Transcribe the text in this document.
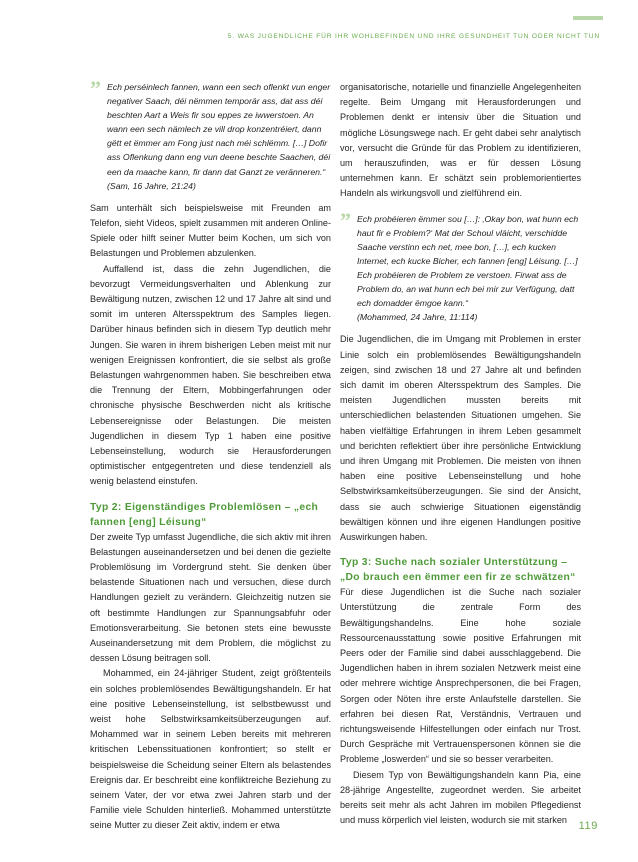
5. WAS JUGENDLICHE FÜR IHR WOHLBEFINDEN UND IHRE GESUNDHEIT TUN ODER NICHT TUN
” Ech perséinlech fannen, wann een sech oflenkt vun enger negativer Saach, déi nëmmen temporär ass, dat ass déi beschten Aart a Weis fir sou eppes ze iwwerstoen. An wann een sech nämlech ze vill drop konzentréiert, dann gëtt et ëmmer am Fong just nach méi schlëmm. […] Dofir ass Oflenkung dann eng vun deene beschte Saachen, déi een da maache kann, fir dann dat Ganzt ze veränneren.“

(Sam, 16 Jahre, 21:24)

Sam unterhält sich beispielsweise mit Freunden am Telefon, sieht Videos, spielt zusammen mit anderen Online-Spiele oder hilft seiner Mutter beim Kochen, um sich von Belastungen und Problemen abzulenken.

Auffallend ist, dass die zehn Jugendlichen, die bevorzugt Vermeidungsverhalten und Ablenkung zur Bewältigung nutzen, zwischen 12 und 17 Jahre alt sind und somit im unteren Altersspektrum des Samples liegen. Darüber hinaus befinden sich in diesem Typ deutlich mehr Jungen. Sie waren in ihrem bisherigen Leben meist mit nur wenigen Ereignissen konfrontiert, die sie selbst als große Belastungen wahrgenommen haben. Sie beschreiben etwa die Trennung der Eltern, Mobbingerfahrungen oder chronische physische Beschwerden nicht als kritische Lebensereignisse oder Belastungen. Die meisten Jugendlichen in diesem Typ 1 haben eine positive Lebenseinstellung, wodurch sie Herausforderungen optimistischer entgegentreten und diese tendenziell als wenig belastend einstufen.

Typ 2: Eigenständiges Problemlösen – „ech fannen [eng] Léisung“

Der zweite Typ umfasst Jugendliche, die sich aktiv mit ihren Belastungen auseinandersetzen und bei denen die gezielte Problemlösung im Vordergrund steht. Sie denken über belastende Situationen nach und versuchen, diese durch Handlungen gezielt zu verändern. Gleichzeitig nutzen sie oft bestimmte Handlungen zur Spannungsabfuhr oder Emotionsverarbeitung. Sie betonen stets eine bewusste Auseinandersetzung mit dem Problem, die möglichst zu dessen Lösung beitragen soll.

Mohammed, ein 24-jähriger Student, zeigt größtenteils ein solches problemlösendes Bewältigungshandeln. Er hat eine positive Lebenseinstellung, ist selbstbewusst und weist hohe Selbstwirksamkeitsüberzeugungen auf. Mohammed war in seinem Leben bereits mit mehreren kritischen Lebenssituationen konfrontiert; so stellt er beispielsweise die Scheidung seiner Eltern als belastendes Ereignis dar. Er beschreibt eine konfliktreiche Beziehung zu seinem Vater, der vor etwa zwei Jahren starb und der Familie viele Schulden hinterließ. Mohammed unterstützte seine Mutter zu dieser Zeit aktiv, indem er etwa

organisatorische, notarielle und finanzielle Angelegenheiten regelte. Beim Umgang mit Herausforderungen und Problemen denkt er intensiv über die Situation und mögliche Lösungswege nach. Er geht dabei sehr analytisch vor, versucht die Gründe für das Problem zu identifizieren, um herauszufinden, was er für dessen Lösung unternehmen kann. Er schätzt sein problemorientiertes Handeln als wirkungsvoll und zielführend ein.

” Ech probéieren ëmmer sou […]: ‚Okay bon, wat hunn ech haut fir e Problem?‘ Mat der Schoul vläicht, verschidde Saache verstinn ech net, mee bon, […], ech kucken Internet, ech kucke Bicher, ech fannen [eng] Léisung. […] Ech probéieren de Problem ze verstoen. Firwat ass de Problem do, an wat hunn ech bei mir zur Verfügung, datt ech domadder ëmgoe kann.“

(Mohammed, 24 Jahre, 11:114)

Die Jugendlichen, die im Umgang mit Problemen in erster Linie solch ein problemlösendes Bewältigungshandeln zeigen, sind zwischen 18 und 27 Jahre alt und befinden sich damit im oberen Altersspektrum des Samples. Die meisten Jugendlichen mussten bereits mit unterschiedlichen belastenden Situationen umgehen. Sie haben vielfältige Erfahrungen in ihrem Leben gesammelt und berichten reflektiert über ihre persönliche Entwicklung und ihren Umgang mit Problemen. Die meisten von ihnen haben eine positive Lebenseinstellung und hohe Selbstwirksamkeitsüberzeugungen. Sie sind der Ansicht, dass sie auch schwierige Situationen eigenständig bewältigen können und ihre eigenen Handlungen positive Auswirkungen haben.

Typ 3: Suche nach sozialer Unterstützung – „Do brauch een ëmmer een fir ze schwätzen“

Für diese Jugendlichen ist die Suche nach sozialer Unterstützung die zentrale Form des Bewältigungshandelns. Eine hohe soziale Ressourcenausstattung sowie positive Erfahrungen mit Peers oder der Familie sind dabei ausschlaggebend. Die Jugendlichen haben in ihrem sozialen Netzwerk meist eine oder mehrere wichtige Ansprechpersonen, die bei Fragen, Sorgen oder Nöten ihre erste Anlaufstelle darstellen. Sie erfahren bei diesen Rat, Verständnis, Vertrauen und richtungsweisende Hilfestellungen oder einfach nur Trost. Durch Gespräche mit Vertrauenspersonen können sie die Probleme „loswerden“ und sie so besser verarbeiten.

Diesem Typ von Bewältigungshandeln kann Pia, eine 28-jährige Angestellte, zugeordnet werden. Sie arbeitet bereits seit mehr als acht Jahren im mobilen Pflegedienst und muss körperlich viel leisten, wodurch sie mit starken	119
